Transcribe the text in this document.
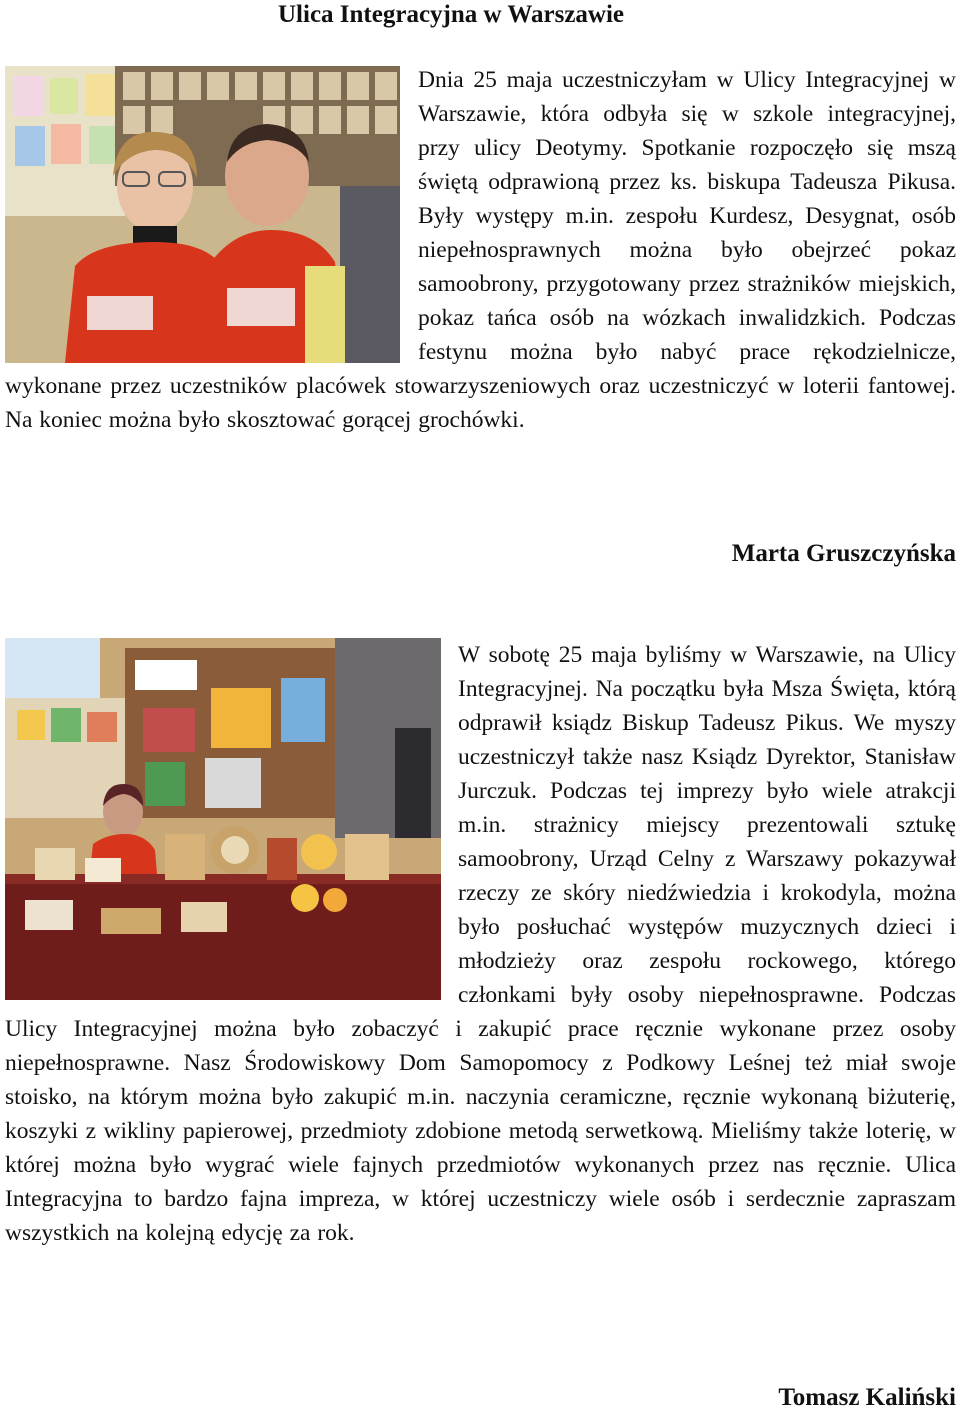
Ulica Integracyjna w Warszawie

Dnia 25 maja uczestniczyłam w Ulicy Integracyjnej w Warszawie, która odbyła się w szkole integracyjnej, przy ulicy Deotymy. Spotkanie rozpoczęło się mszą świętą odprawioną przez ks. biskupa Tadeusza Pikusa. Były występy m.in. zespołu Kurdesz, Desygnat, osób niepełnosprawnych można było obejrzeć pokaz samoobrony, przygotowany przez strażników miejskich, pokaz tańca osób na wózkach inwalidzkich. Podczas festynu można było nabyć prace rękodzielnicze, wykonane przez uczestników placówek stowarzyszeniowych oraz uczestniczyć w loterii fantowej. Na koniec można było skosztować gorącej grochówki.

Marta Gruszczyńska

W sobotę 25 maja byliśmy w Warszawie, na Ulicy Integracyjnej. Na początku była Msza Święta, którą odprawił ksiądz Biskup Tadeusz Pikus. We myszy uczestniczył także nasz Ksiądz Dyrektor, Stanisław Jurczuk. Podczas tej imprezy było wiele atrakcji m.in. strażnicy miejscy prezentowali sztukę samoobrony, Urząd Celny z Warszawy pokazywał rzeczy ze skóry niedźwiedzia i krokodyla, można było posłuchać występów muzycznych dzieci i młodzieży oraz zespołu rockowego, którego członkami były osoby niepełnosprawne. Podczas Ulicy Integracyjnej można było zobaczyć i zakupić prace ręcznie wykonane przez osoby niepełnosprawne. Nasz Środowiskowy Dom Samopomocy z Podkowy Leśnej też miał swoje stoisko, na którym można było zakupić m.in. naczynia ceramiczne, ręcznie wykonaną biżuterię, koszyki z wikliny papierowej, przedmioty zdobione metodą serwetkową. Mieliśmy także loterię, w której można było wygrać wiele fajnych przedmiotów wykonanych przez nas ręcznie. Ulica Integracyjna to bardzo fajna impreza, w której uczestniczy wiele osób i serdecznie zapraszam wszystkich na kolejną edycję za rok.

Tomasz Kaliński
